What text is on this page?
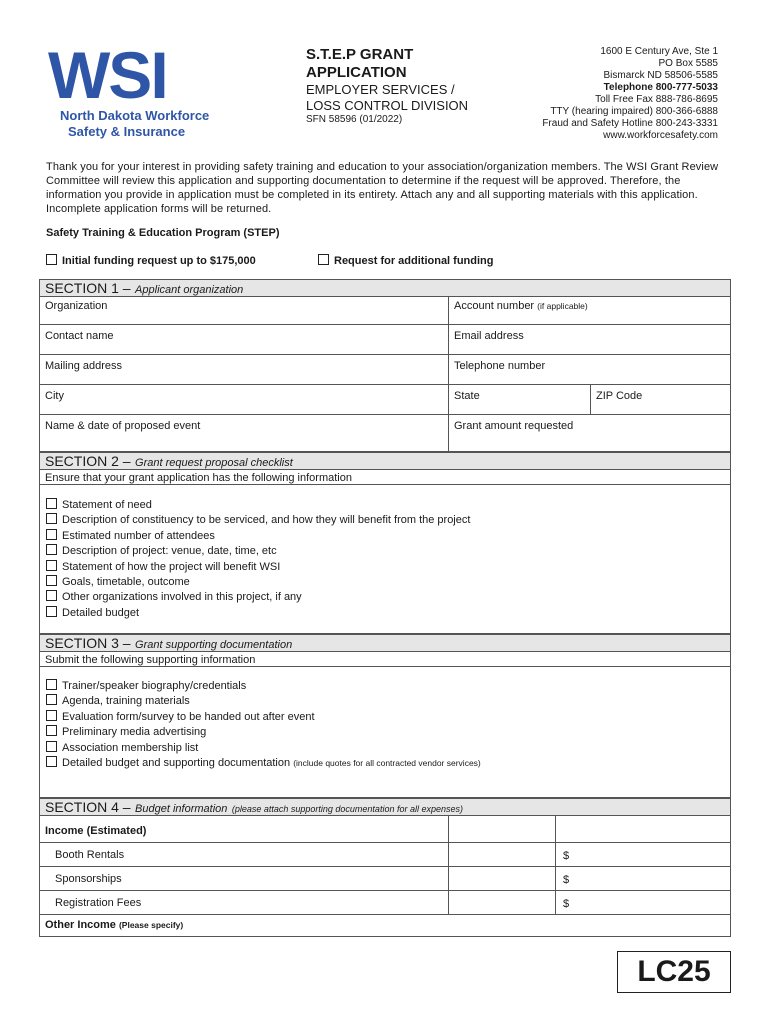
WSI
North Dakota Workforce
Safety & Insurance
S.T.E.P GRANT
APPLICATION
EMPLOYER SERVICES /
LOSS CONTROL DIVISION
SFN 58596 (01/2022)
1600 E Century Ave, Ste 1
PO Box 5585
Bismarck ND 58506-5585
Telephone 800-777-5033
Toll Free Fax 888-786-8695
TTY (hearing impaired) 800-366-6888
Fraud and Safety Hotline 800-243-3331
www.workforcesafety.com
Thank you for your interest in providing safety training and education to your association/organization members. The WSI Grant Review Committee will review this application and supporting documentation to determine if the request will be approved. Therefore, the information you provide in application must be completed in its entirety. Attach any and all supporting materials with this application. Incomplete application forms will be returned.
Safety Training & Education Program (STEP)
Initial funding request up to $175,000	Request for additional funding
SECTION 1 – Applicant organization
Organization	Account number (if applicable)
Contact name	Email address
Mailing address	Telephone number
City	State	ZIP Code
Name & date of proposed event	Grant amount requested
SECTION 2 – Grant request proposal checklist
Ensure that your grant application has the following information
Statement of need
Description of constituency to be serviced, and how they will benefit from the project
Estimated number of attendees
Description of project: venue, date, time, etc
Statement of how the project will benefit WSI
Goals, timetable, outcome
Other organizations involved in this project, if any
Detailed budget
SECTION 3 – Grant supporting documentation
Submit the following supporting information
Trainer/speaker biography/credentials
Agenda, training materials
Evaluation form/survey to be handed out after event
Preliminary media advertising
Association membership list
Detailed budget and supporting documentation (include quotes for all contracted vendor services)
SECTION 4 – Budget information (please attach supporting documentation for all expenses)
Income (Estimated)
Booth Rentals	$
Sponsorships	$
Registration Fees	$
Other Income (Please specify)
LC25
